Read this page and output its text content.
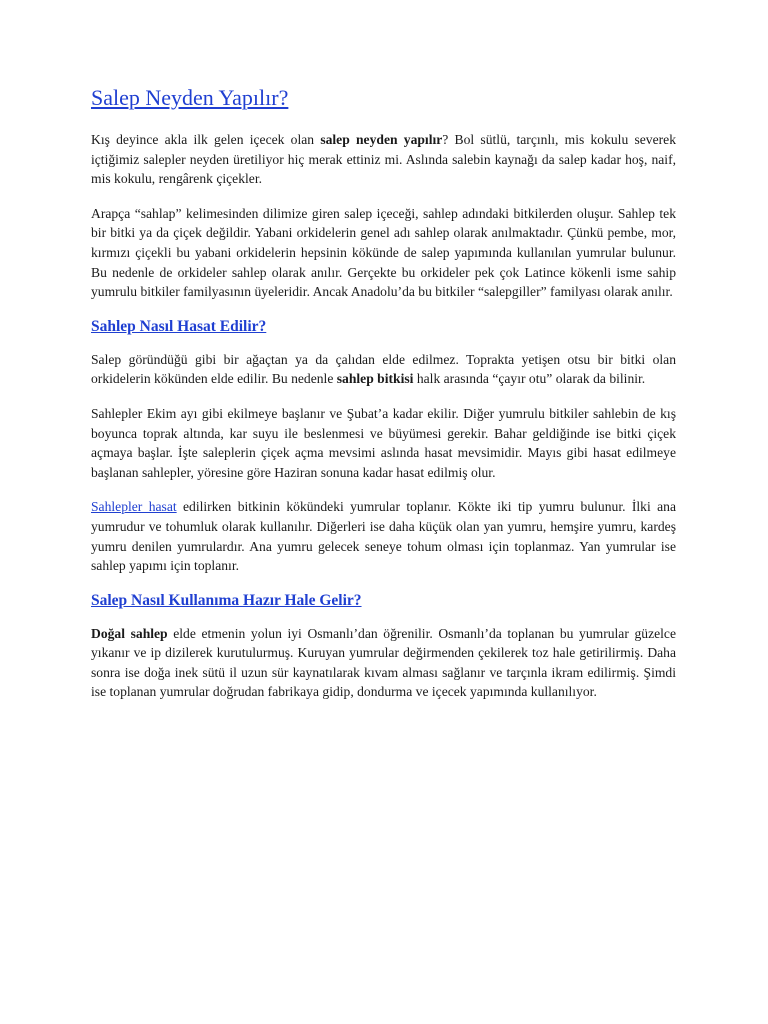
Salep Neyden Yapılır?

Kış deyince akla ilk gelen içecek olan salep neyden yapılır? Bol sütlü, tarçınlı, mis kokulu severek içtiğimiz salepler neyden üretiliyor hiç merak ettiniz mi. Aslında salebin kaynağı da salep kadar hoş, naif, mis kokulu, rengârenk çiçekler.

Arapça “sahlap” kelimesinden dilimize giren salep içeceği, sahlep adındaki bitkilerden oluşur. Sahlep tek bir bitki ya da çiçek değildir. Yabani orkidelerin genel adı sahlep olarak anılmaktadır. Çünkü pembe, mor, kırmızı çiçekli bu yabani orkidelerin hepsinin kökünde de salep yapımında kullanılan yumrular bulunur. Bu nedenle de orkideler sahlep olarak anılır. Gerçekte bu orkideler pek çok Latince kökenli isme sahip yumrulu bitkiler familyasının üyeleridir. Ancak Anadolu’da bu bitkiler “salepgiller” familyası olarak anılır.

Sahlep Nasıl Hasat Edilir?

Salep göründüğü gibi bir ağaçtan ya da çalıdan elde edilmez. Toprakta yetişen otsu bir bitki olan orkidelerin kökünden elde edilir. Bu nedenle sahlep bitkisi halk arasında “çayır otu” olarak da bilinir.

Sahlepler Ekim ayı gibi ekilmeye başlanır ve Şubat’a kadar ekilir. Diğer yumrulu bitkiler sahlebin de kış boyunca toprak altında, kar suyu ile beslenmesi ve büyümesi gerekir. Bahar geldiğinde ise bitki çiçek açmaya başlar. İşte saleplerin çiçek açma mevsimi aslında hasat mevsimidir. Mayıs gibi hasat edilmeye başlanan sahlepler, yöresine göre Haziran sonuna kadar hasat edilmiş olur.

Sahlepler hasat edilirken bitkinin kökündeki yumrular toplanır. Kökte iki tip yumru bulunur. İlki ana yumrudur ve tohumluk olarak kullanılır. Diğerleri ise daha küçük olan yan yumru, hemşire yumru, kardeş yumru denilen yumrulardır. Ana yumru gelecek seneye tohum olması için toplanmaz. Yan yumrular ise sahlep yapımı için toplanır.

Salep Nasıl Kullanıma Hazır Hale Gelir?

Doğal sahlep elde etmenin yolun iyi Osmanlı’dan öğrenilir. Osmanlı’da toplanan bu yumrular güzelce yıkanır ve ip dizilerek kurutulurmuş. Kuruyan yumrular değirmenden çekilerek toz hale getirilirmiş. Daha sonra ise doğa inek sütü il uzun sür kaynatılarak kıvam alması sağlanır ve tarçınla ikram edilirmiş. Şimdi ise toplanan yumrular doğrudan fabrikaya gidip, dondurma ve içecek yapımında kullanılıyor.
